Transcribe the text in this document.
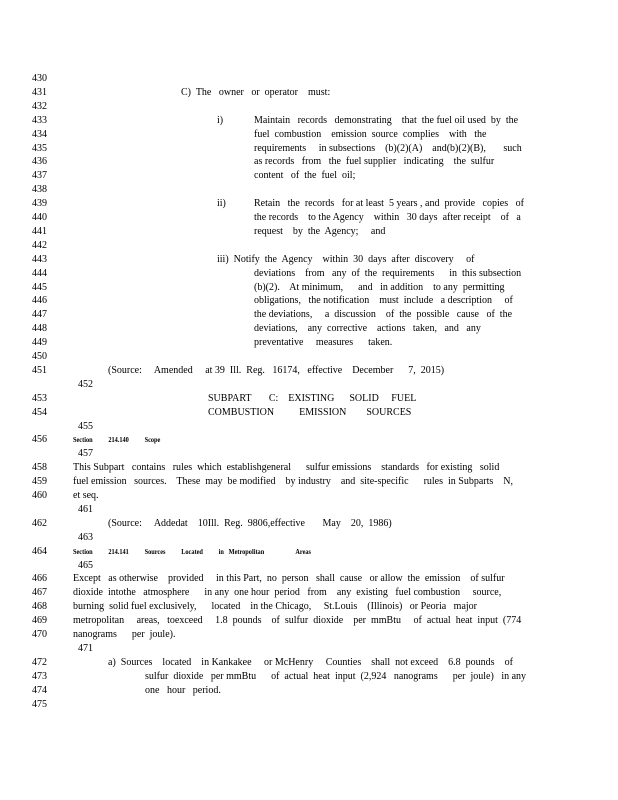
430
431	C)  The   owner   or  operator    must:
432
433	i)	Maintain   records   demonstrating    that  the fuel oil used  by  the
434	fuel  combustion    emission  source  complies    with   the
435	requirements     in subsections    (b)(2)(A)    and(b)(2)(B),       such
436	as records   from   the  fuel supplier   indicating    the  sulfur
437	content   of  the  fuel  oil;
438
439	ii)	Retain   the  records   for at least  5 years , and  provide   copies   of
440	the records    to the Agency    within   30 days  after receipt    of   a
441	request    by  the  Agency;     and
442
443	iii)  Notify  the  Agency    within  30  days  after  discovery     of
444	deviations    from   any  of  the  requirements      in  this subsection
445	(b)(2).    At minimum,      and   in addition    to any  permitting
446	obligations,   the notification    must  include   a description     of
447	the deviations,     a  discussion    of  the  possible   cause   of  the
448	deviations,    any  corrective    actions   taken,   and   any
449	preventative     measures      taken.
450
451	(Source:     Amended     at 39  Ill.  Reg.   16174,   effective    December      7,  2015)
452
453	SUBPART       C:    EXISTING      SOLID     FUEL
454	COMBUSTION          EMISSION        SOURCES
455
456	Section          214.140          Scope
457
458	This Subpart   contains   rules  which  establishgeneral      sulfur emissions    standards   for existing   solid
459	fuel emission   sources.    These  may  be modified    by industry    and  site-specific      rules  in Subparts    N,
460	et seq.
461
462	(Source:     Addedat    10Ill.  Reg.  9806,effective       May    20,  1986)
463
464	Section          214.141          Sources          Located          in   Metropolitan                    Areas
465
466	Except   as otherwise    provided     in this Part,  no  person   shall  cause   or allow  the  emission    of sulfur
467	dioxide  intothe   atmosphere      in any  one hour  period   from    any  existing   fuel combustion     source,
468	burning  solid fuel exclusively,      located    in the Chicago,     St.Louis    (Illinois)   or Peoria   major
469	metropolitan     areas,   toexceed     1.8  pounds    of  sulfur  dioxide    per  mmBtu     of  actual  heat  input  (774
470	nanograms      per  joule).
471
472	a)  Sources    located    in Kankakee     or McHenry     Counties    shall  not exceed    6.8  pounds    of
473	sulfur  dioxide   per mmBtu      of  actual  heat  input  (2,924   nanograms      per  joule)   in any
474	one   hour   period.
475
